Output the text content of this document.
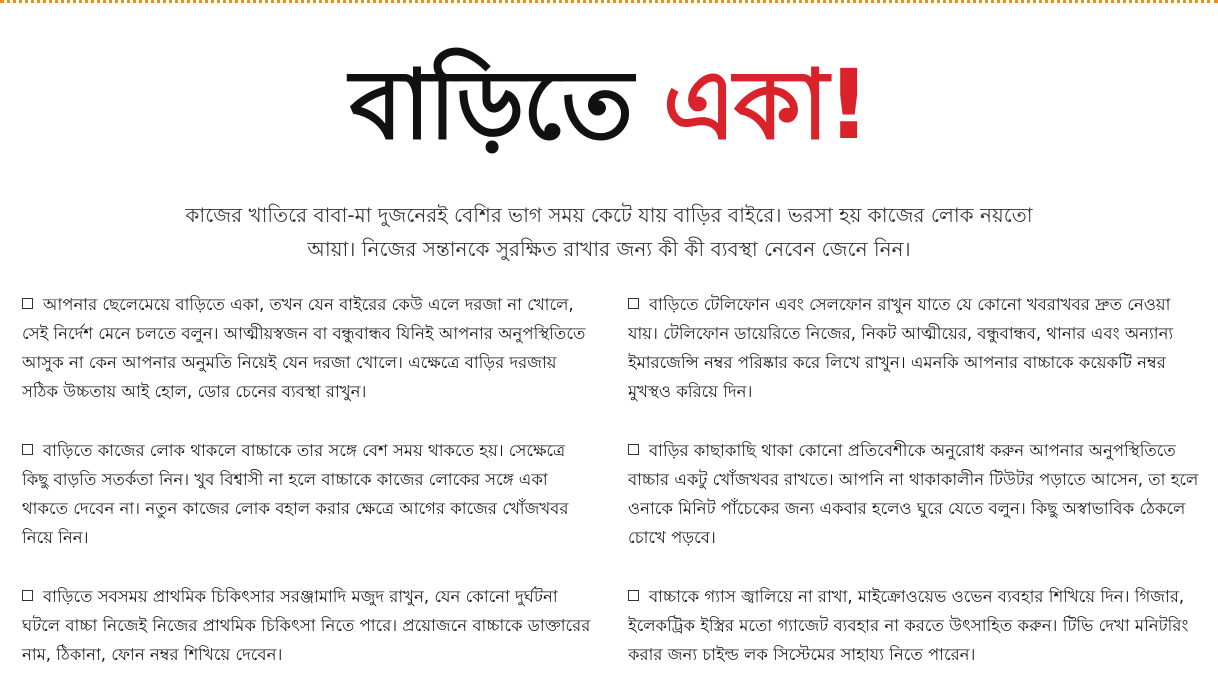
বাড়িতে একা!
কাজের খাতিরে বাবা-মা দুজনেরই বেশির ভাগ সময় কেটে যায় বাড়ির বাইরে। ভরসা হয় কাজের লোক নয়তো
আয়া। নিজের সন্তানকে সুরক্ষিত রাখার জন্য কী কী ব্যবস্থা নেবেন জেনে নিন।

আপনার ছেলেমেয়ে বাড়িতে একা, তখন যেন বাইরের কেউ এলে দরজা না খোলে, সেই নির্দেশ মেনে চলতে বলুন। আত্মীয়স্বজন বা বন্ধুবান্ধব যিনিই আপনার অনুপস্থিতিতে আসুক না কেন আপনার অনুমতি নিয়েই যেন দরজা খোলে। এক্ষেত্রে বাড়ির দরজায় সঠিক উচ্চতায় আই হোল, ডোর চেনের ব্যবস্থা রাখুন।

বাড়িতে কাজের লোক থাকলে বাচ্চাকে তার সঙ্গে বেশ সময় থাকতে হয়। সেক্ষেত্রে কিছু বাড়তি সতর্কতা নিন। খুব বিশ্বাসী না হলে বাচ্চাকে কাজের লোকের সঙ্গে একা থাকতে দেবেন না। নতুন কাজের লোক বহাল করার ক্ষেত্রে আগের কাজের খোঁজখবর নিয়ে নিন।

বাড়িতে সবসময় প্রাথমিক চিকিৎসার সরঞ্জামাদি মজুদ রাখুন, যেন কোনো দুর্ঘটনা ঘটলে বাচ্চা নিজেই নিজের প্রাথমিক চিকিৎসা নিতে পারে। প্রয়োজনে বাচ্চাকে ডাক্তারের নাম, ঠিকানা, ফোন নম্বর শিখিয়ে দেবেন।

বাড়িতে টেলিফোন এবং সেলফোন রাখুন যাতে যে কোনো খবরাখবর দ্রুত নেওয়া যায়। টেলিফোন ডায়েরিতে নিজের, নিকট আত্মীয়ের, বন্ধুবান্ধব, থানার এবং অন্যান্য ইমারজেন্সি নম্বর পরিষ্কার করে লিখে রাখুন। এমনকি আপনার বাচ্চাকে কয়েকটি নম্বর মুখস্থও করিয়ে দিন।

বাড়ির কাছাকাছি থাকা কোনো প্রতিবেশীকে অনুরোধ করুন আপনার অনুপস্থিতিতে বাচ্চার একটু খোঁজখবর রাখতে। আপনি না থাকাকালীন টিউটর পড়াতে আসেন, তা হলে ওনাকে মিনিট পাঁচেকের জন্য একবার হলেও ঘুরে যেতে বলুন। কিছু অস্বাভাবিক ঠেকলে চোখে পড়বে।

বাচ্চাকে গ্যাস জ্বালিয়ে না রাখা, মাইক্রোওয়েভ ওভেন ব্যবহার শিখিয়ে দিন। গিজার, ইলেকট্রিক ইস্ত্রির মতো গ্যাজেট ব্যবহার না করতে উৎসাহিত করুন। টিভি দেখা মনিটরিং করার জন্য চাইল্ড লক সিস্টেমের সাহায্য নিতে পারেন।
